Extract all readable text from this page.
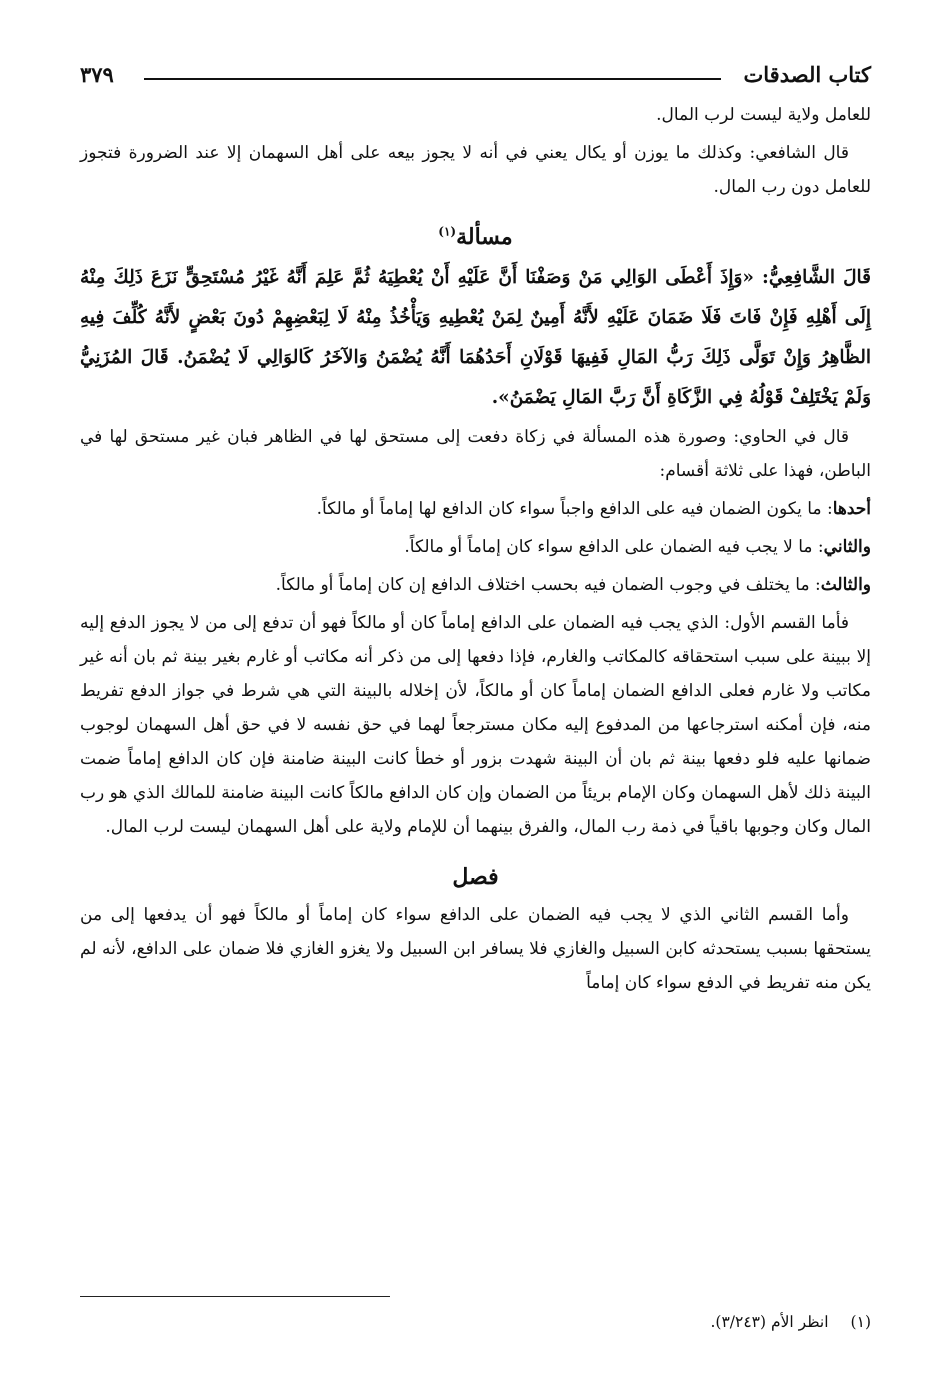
كتاب الصدقات
٣٧٩

للعامل ولاية ليست لرب المال.

قال الشافعي: وكذلك ما يوزن أو يكال يعني في أنه لا يجوز بيعه على أهل السهمان إلا عند الضرورة فتجوز للعامل دون رب المال.

مسألة$^{(١)}$

قَالَ الشَّافِعِيُّ: «وَإِذَ أَعْطَى الوَالِي مَنْ وَصَفْنَا أَنَّ عَلَيْهِ أَنْ يُعْطِيَهُ ثُمَّ عَلِمَ أَنَّهُ غَيْرُ مُسْتَحِقٍّ نَزَعَ ذَلِكَ مِنْهُ إِلَى أَهْلِهِ فَإِنْ فَاتَ فَلَا ضَمَانَ عَلَيْهِ لأَنَّهُ أَمِينٌ لِمَنْ يُعْطِيهِ وَيَأْخُذُ مِنْهُ لَا لِبَعْضِهِمْ دُونَ بَعْضٍ لأَنَّهُ كُلِّفَ فِيهِ الظَّاهِرُ وَإِنْ تَوَلَّى ذَلِكَ رَبُّ المَالِ فَفِيهَا قَوْلَانِ أَحَدُهُمَا أَنَّهُ يُضْمَنُ وَالآخَرُ كَالوَالِي لَا يُضْمَنُ. قَالَ المُزَنِيُّ وَلَمْ يَخْتَلِفْ قَوْلُهُ فِي الزَّكَاةِ أَنَّ رَبَّ المَالِ يَضْمَنُ».

قال في الحاوي: وصورة هذه المسألة في زكاة دفعت إلى مستحق لها في الظاهر فبان غير مستحق لها في الباطن، فهذا على ثلاثة أقسام:

أحدها: ما يكون الضمان فيه على الدافع واجباً سواء كان الدافع لها إماماً أو مالكاً.

والثاني: ما لا يجب فيه الضمان على الدافع سواء كان إماماً أو مالكاً.

والثالث: ما يختلف في وجوب الضمان فيه بحسب اختلاف الدافع إن كان إماماً أو مالكاً.

فأما القسم الأول: الذي يجب فيه الضمان على الدافع إماماً كان أو مالكاً فهو أن تدفع إلى من لا يجوز الدفع إليه إلا ببينة على سبب استحقاقه كالمكاتب والغارم، فإذا دفعها إلى من ذكر أنه مكاتب أو غارم بغير بينة ثم بان أنه غير مكاتب ولا غارم فعلى الدافع الضمان إماماً كان أو مالكاً، لأن إخلاله بالبينة التي هي شرط في جواز الدفع تفريط منه، فإن أمكنه استرجاعها من المدفوع إليه مكان مسترجعاً لهما في حق نفسه لا في حق أهل السهمان لوجوب ضمانها عليه فلو دفعها بينة ثم بان أن البينة شهدت بزور أو خطأ كانت البينة ضامنة فإن كان الدافع إماماً ضمت البينة ذلك لأهل السهمان وكان الإمام بريئاً من الضمان وإن كان الدافع مالكاً كانت البينة ضامنة للمالك الذي هو رب المال وكان وجوبها باقياً في ذمة رب المال، والفرق بينهما أن للإمام ولاية على أهل السهمان ليست لرب المال.

فصل

وأما القسم الثاني الذي لا يجب فيه الضمان على الدافع سواء كان إماماً أو مالكاً فهو أن يدفعها إلى من يستحقها بسبب يستحدثه كابن السبيل والغازي فلا يسافر ابن السبيل ولا يغزو الغازي فلا ضمان على الدافع، لأنه لم يكن منه تفريط في الدفع سواء كان إماماً

(١)انظر الأم (٣/٢٤٣).
